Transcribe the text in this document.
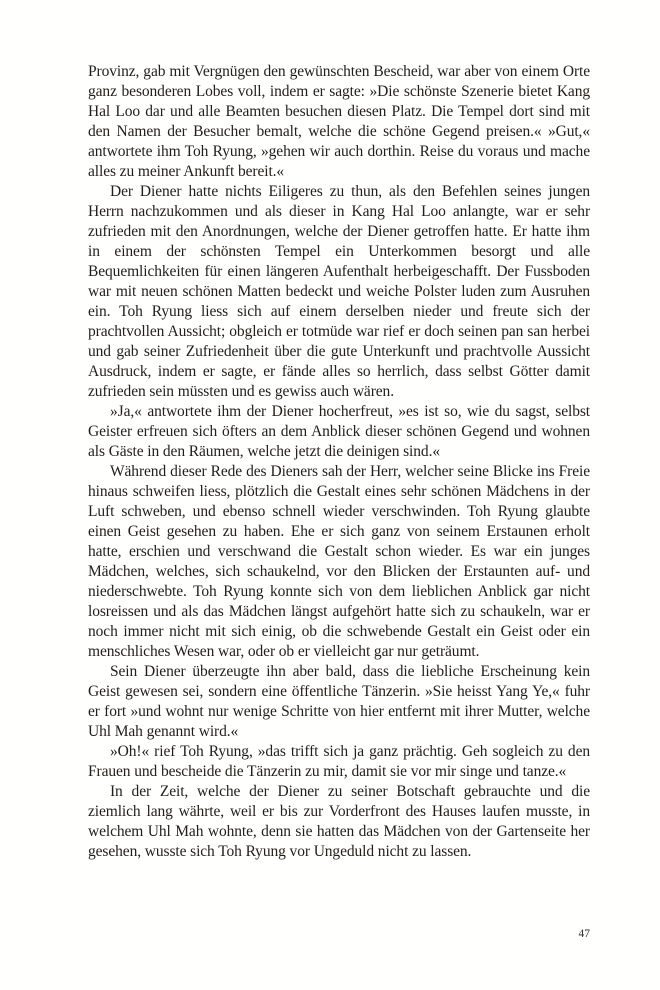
Provinz, gab mit Vergnügen den gewünschten Bescheid, war aber von einem Orte ganz besonderen Lobes voll, indem er sagte: »Die schönste Szenerie bietet Kang Hal Loo dar und alle Beamten besuchen diesen Platz. Die Tempel dort sind mit den Namen der Besucher bemalt, welche die schöne Gegend preisen.« »Gut,« antwortete ihm Toh Ryung, »gehen wir auch dorthin. Reise du voraus und mache alles zu meiner Ankunft bereit.«

Der Diener hatte nichts Eiligeres zu thun, als den Befehlen seines jungen Herrn nachzukommen und als dieser in Kang Hal Loo anlangte, war er sehr zufrieden mit den Anordnungen, welche der Diener getroffen hatte. Er hatte ihm in einem der schönsten Tempel ein Unterkommen besorgt und alle Bequemlichkeiten für einen längeren Aufenthalt herbeigeschafft. Der Fussboden war mit neuen schönen Matten bedeckt und weiche Polster luden zum Ausruhen ein. Toh Ryung liess sich auf einem derselben nieder und freute sich der prachtvollen Aussicht; obgleich er totmüde war rief er doch seinen pan san herbei und gab seiner Zufriedenheit über die gute Unterkunft und prachtvolle Aussicht Ausdruck, indem er sagte, er fände alles so herrlich, dass selbst Götter damit zufrieden sein müssten und es gewiss auch wären.

»Ja,« antwortete ihm der Diener hocherfreut, »es ist so, wie du sagst, selbst Geister erfreuen sich öfters an dem Anblick dieser schönen Gegend und wohnen als Gäste in den Räumen, welche jetzt die deinigen sind.«

Während dieser Rede des Dieners sah der Herr, welcher seine Blicke ins Freie hinaus schweifen liess, plötzlich die Gestalt eines sehr schönen Mädchens in der Luft schweben, und ebenso schnell wieder verschwinden. Toh Ryung glaubte einen Geist gesehen zu haben. Ehe er sich ganz von seinem Erstaunen erholt hatte, erschien und verschwand die Gestalt schon wieder. Es war ein junges Mädchen, welches, sich schaukelnd, vor den Blicken der Erstaunten auf- und niederschwebte. Toh Ryung konnte sich von dem lieblichen Anblick gar nicht losreissen und als das Mädchen längst aufgehört hatte sich zu schaukeln, war er noch immer nicht mit sich einig, ob die schwebende Gestalt ein Geist oder ein menschliches Wesen war, oder ob er vielleicht gar nur geträumt.

Sein Diener überzeugte ihn aber bald, dass die liebliche Erscheinung kein Geist gewesen sei, sondern eine öffentliche Tänzerin. »Sie heisst Yang Ye,« fuhr er fort »und wohnt nur wenige Schritte von hier entfernt mit ihrer Mutter, welche Uhl Mah genannt wird.«

»Oh!« rief Toh Ryung, »das trifft sich ja ganz prächtig. Geh sogleich zu den Frauen und bescheide die Tänzerin zu mir, damit sie vor mir singe und tanze.«

In der Zeit, welche der Diener zu seiner Botschaft gebrauchte und die ziemlich lang währte, weil er bis zur Vorderfront des Hauses laufen musste, in welchem Uhl Mah wohnte, denn sie hatten das Mädchen von der Gartenseite her gesehen, wusste sich Toh Ryung vor Ungeduld nicht zu lassen.

47
